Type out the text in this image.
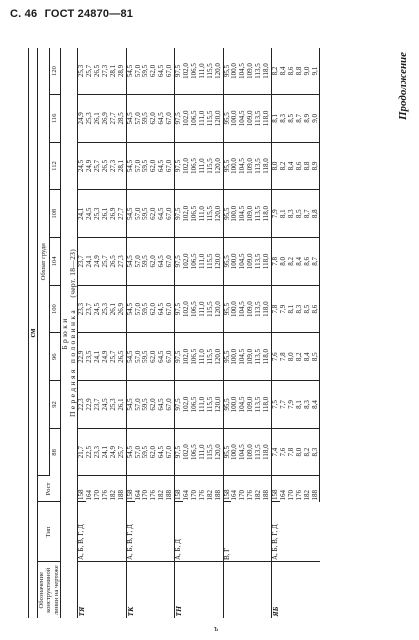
С. 46 ГОСТ 24870—81
Продолжение
см											
Обозначение конструктивной линии на чертеже	Тип	Рост	Обхват груди								
			88	92	96	100	104	108	112	116	120
Брюки											
Передняя половинка (черт. 18—23)											
ТЯ	А, Б, В, Г, Д	158	21,7	22,3	22,9	23,3	23,7	24,1	24,5	24,9	25,3
		164	22,5	22,9	23,5	23,7	24,1	24,5	24,9	25,3	25,7
		170	23,3	23,7	24,1	24,5	24,9	25,3	25,7	26,1	26,5
		176	24,1	24,5	24,9	25,3	25,7	26,1	26,5	26,9	27,3
		182	24,9	25,3	25,7	26,1	26,5	26,9	27,3	27,7	28,1
		188	25,7	26,1	26,5	26,9	27,3	27,7	28,1	28,5	28,9
ТК	А, Б, В, Г, Д	158	54,5	54,5	54,5	54,5	54,5	54,5	54,5	54,5	54,5
		164	57,0	57,0	57,0	57,0	57,0	57,0	57,0	57,0	57,0
		170	59,5	59,5	59,5	59,5	59,5	59,5	59,5	59,5	59,5
		176	62,0	62,0	62,0	62,0	62,0	62,0	62,0	62,0	62,0
		182	64,5	64,5	64,5	64,5	64,5	64,5	64,5	64,5	64,5
		188	67,0	67,0	67,0	67,0	67,0	67,0	67,0	67,0	67,0
ТН	А, Б, Д	158	97,5	97,5	97,5	97,5	97,5	97,5	97,5	97,5	97,5
		164	102,0	102,0	102,0	102,0	102,0	102,0	102,0	102,0	102,0
		170	106,5	106,5	106,5	106,5	106,5	106,5	106,5	106,5	106,5
		176	111,0	111,0	111,0	111,0	111,0	111,0	111,0	111,0	111,0
		182	115,5	115,5	115,5	115,5	115,5	115,5	115,5	115,5	115,5
		188	120,0	120,0	120,0	120,0	120,0	120,0	120,0	120,0	120,0
	В, Г	158	95,5	95,5	95,5	95,5	95,5	95,5	95,5	95,5	95,5
		164	100,0	100,0	100,0	100,0	100,0	100,0	100,0	100,0	100,0
		170	104,5	104,5	104,5	104,5	104,5	104,5	104,5	104,5	104,5
		176	109,0	109,0	109,0	109,0	109,0	109,0	109,0	109,0	109,0
		182	113,5	113,5	113,5	113,5	113,5	113,5	113,5	113,5	113,5
		188	118,0	118,0	118,0	118,0	118,0	118,0	118,0	118,0	118,0
ЯБ	А, Б, В, Г, Д	158	7,4	7,5	7,6	7,8	7,8	7,9	8,0	8,1	8,2
		164	7,6	7,7	7,8	7,9	8,0	8,1	8,2	8,3	8,4
		170	7,8	7,9	8,0	8,1	8,2	8,3	8,4	8,5	8,6
		176	8,0	8,1	8,2	8,3	8,4	8,5	8,6	8,7	8,8
		182	8,2	8,3	8,4	8,5	8,6	8,7	8,8	8,9	9,0
		188	8,3	8,4	8,5	8,6	8,7	8,8	8,9	9,0	9,1
ъ
